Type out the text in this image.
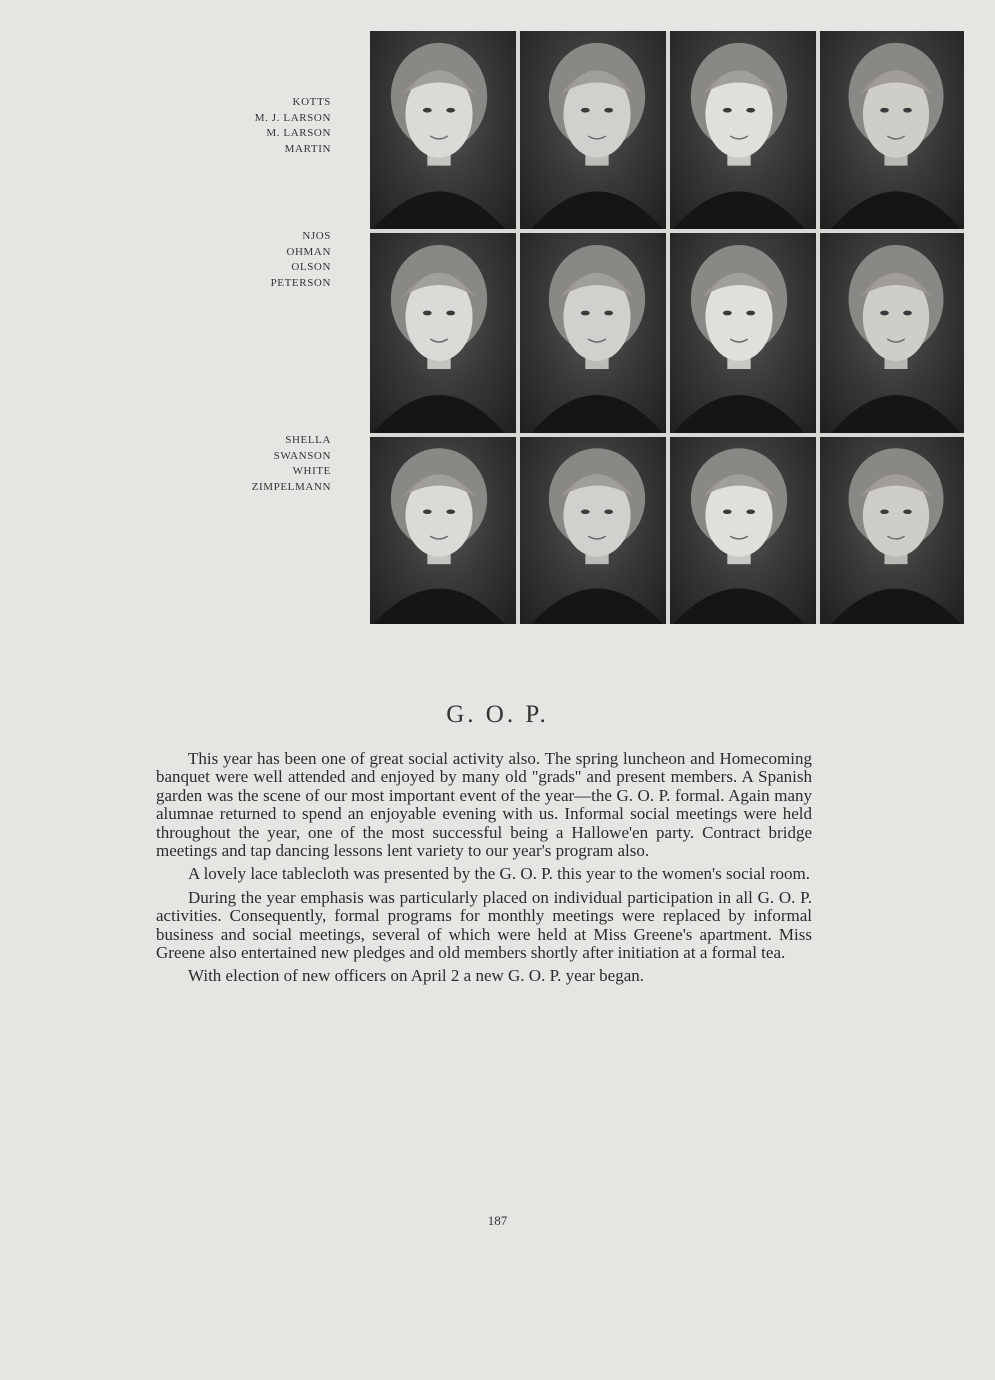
KOTTS
M. J. LARSON
M. LARSON
MARTIN
NJOS
OHMAN
OLSON
PETERSON
SHELLA
SWANSON
WHITE
ZIMPELMANN
G. O. P.

This year has been one of great social activity also. The spring luncheon and Homecoming banquet were well attended and enjoyed by many old ''grads'' and present members. A Spanish garden was the scene of our most important event of the year—the G. O. P. formal. Again many alumnae returned to spend an enjoyable evening with us. Informal social meetings were held throughout the year, one of the most successful being a Hallowe'en party. Contract bridge meetings and tap dancing lessons lent variety to our year's program also.

A lovely lace tablecloth was presented by the G. O. P. this year to the women's social room.

During the year emphasis was particularly placed on individual participation in all G. O. P. activities. Consequently, formal programs for monthly meetings were replaced by informal business and social meetings, several of which were held at Miss Greene's apartment. Miss Greene also entertained new pledges and old members shortly after initiation at a formal tea.

With election of new officers on April 2 a new G. O. P. year began.

187
